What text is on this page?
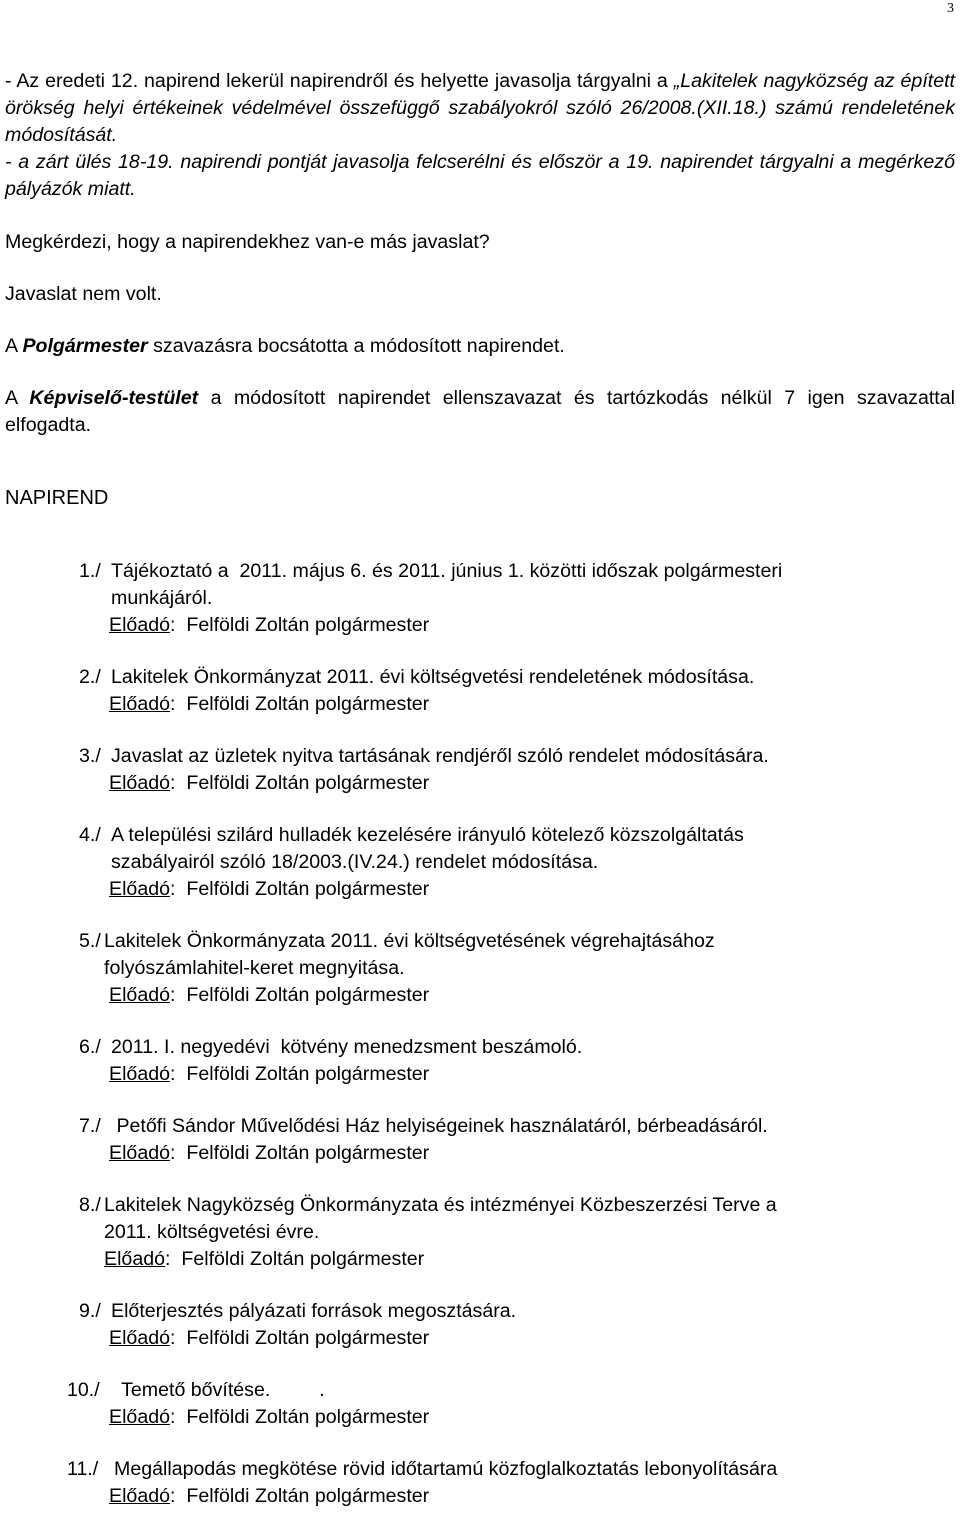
3

- Az eredeti 12. napirend lekerül napirendről és helyette javasolja tárgyalni a „Lakitelek nagyközség az épített örökség helyi értékeinek védelmével összefüggő szabályokról szóló 26/2008.(XII.18.) számú rendeletének módosítását.

- a zárt ülés 18-19. napirendi pontját javasolja felcserélni és először a 19. napirendet tárgyalni a megérkező pályázók miatt.

Megkérdezi, hogy a napirendekhez van-e más javaslat?

Javaslat nem volt.

A Polgármester szavazásra bocsátotta a módosított napirendet.

A Képviselő-testület a módosított napirendet ellenszavazat és tartózkodás nélkül 7 igen szavazattal elfogadta.

NAPIREND
1./ Tájékoztató a  2011. május 6. és 2011. június 1. közötti időszak polgármesteri
munkájáról.
Előadó:  Felföldi Zoltán polgármester
2./ Lakitelek Önkormányzat 2011. évi költségvetési rendeletének módosítása.
Előadó:  Felföldi Zoltán polgármester
3./ Javaslat az üzletek nyitva tartásának rendjéről szóló rendelet módosítására.
Előadó:  Felföldi Zoltán polgármester
4./ A települési szilárd hulladék kezelésére irányuló kötelező közszolgáltatás
szabályairól szóló 18/2003.(IV.24.) rendelet módosítása.
Előadó:  Felföldi Zoltán polgármester
5./ Lakitelek Önkormányzata 2011. évi költségvetésének végrehajtásához
folyószámlahitel-keret megnyitása.
Előadó:  Felföldi Zoltán polgármester
6./ 2011. I. negyedévi  kötvény menedzsment beszámoló.
Előadó:  Felföldi Zoltán polgármester
7./ Petőfi Sándor Művelődési Ház helyiségeinek használatáról, bérbeadásáról.
Előadó:  Felföldi Zoltán polgármester
8./ Lakitelek Nagyközség Önkormányzata és intézményei Közbeszerzési Terve a
2011. költségvetési évre.
Előadó:  Felföldi Zoltán polgármester
9./ Előterjesztés pályázati források megosztására.
Előadó:  Felföldi Zoltán polgármester
10./ Temető bővítése.         .
Előadó:  Felföldi Zoltán polgármester
11./ Megállapodás megkötése rövid időtartamú közfoglalkoztatás lebonyolítására
Előadó:  Felföldi Zoltán polgármester
